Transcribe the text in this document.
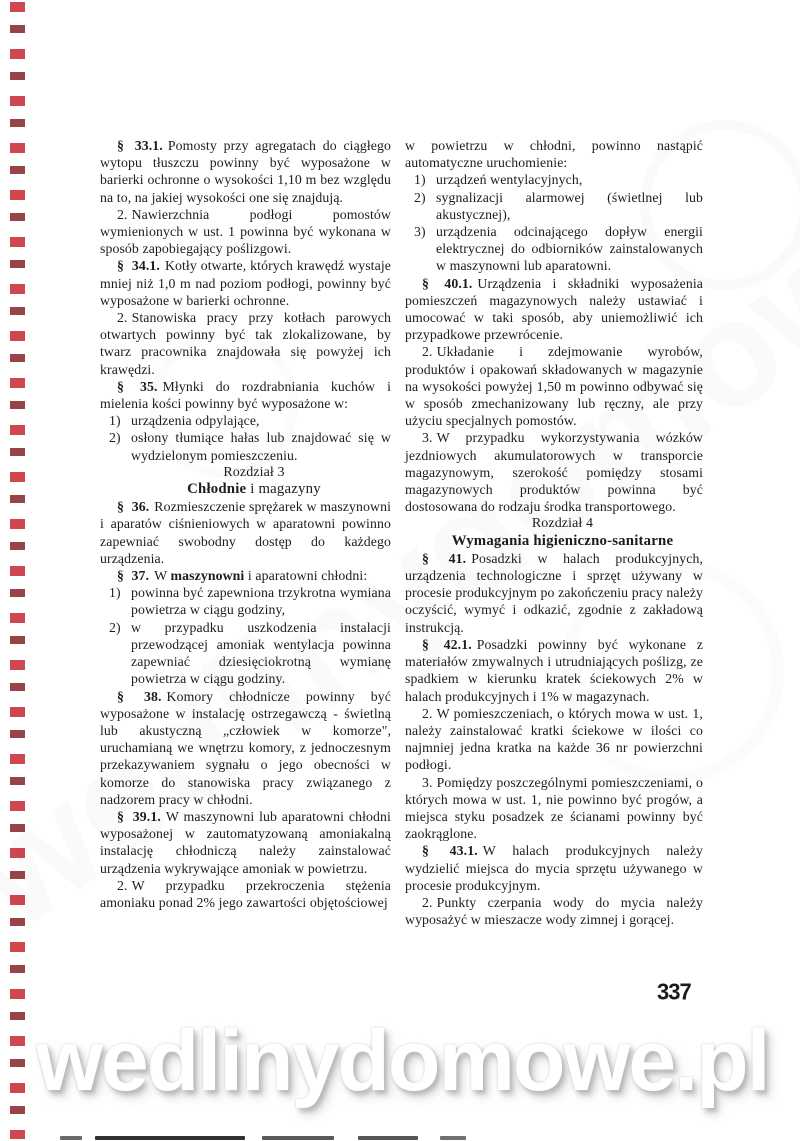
§ 33.1. Pomosty przy agregatach do ciągłego wytopu tłuszczu powinny być wyposażone w barierki ochronne o wysokości 1,10 m bez względu na to, na jakiej wysokości one się znajdują.

2. Nawierzchnia podłogi pomostów wymienionych w ust. 1 powinna być wykonana w sposób zapobiegający poślizgowi.

§ 34.1. Kotły otwarte, których krawędź wystaje mniej niż 1,0 m nad poziom podłogi, powinny być wyposażone w barierki ochronne.

2. Stanowiska pracy przy kotłach parowych otwartych powinny być tak zlokalizowane, by twarz pracownika znajdowała się powyżej ich krawędzi.

§ 35. Młynki do rozdrabniania kuchów i mielenia kości powinny być wyposażone w:

1) urządzenia odpylające,
2) osłony tłumiące hałas lub znajdować się w wydzielonym pomieszczeniu.

Rozdział 3

Chłodnie i magazyny

§ 36. Rozmieszczenie sprężarek w maszynowni i aparatów ciśnieniowych w aparatowni powinno zapewniać swobodny dostęp do każdego urządzenia.

§ 37. W maszynowni i aparatowni chłodni:

1) powinna być zapewniona trzykrotna wymiana powietrza w ciągu godziny,
2) w przypadku uszkodzenia instalacji przewodzącej amoniak wentylacja powinna zapewniać dziesięciokrotną wymianę powietrza w ciągu godziny.

§ 38. Komory chłodnicze powinny być wyposażone w instalację ostrzegawczą - świetlną lub akustyczną „człowiek w komorze", uruchamianą we wnętrzu komory, z jednoczesnym przekazywaniem sygnału o jego obecności w komorze do stanowiska pracy związanego z nadzorem pracy w chłodni.

§ 39.1. W maszynowni lub aparatowni chłodni wyposażonej w zautomatyzowaną amoniakalną instalację chłodniczą należy zainstalować urządzenia wykrywające amoniak w powietrzu.

2. W przypadku przekroczenia stężenia amoniaku ponad 2% jego zawartości objętościowej

w powietrzu w chłodni, powinno nastąpić automatyczne uruchomienie:

1) urządzeń wentylacyjnych,
2) sygnalizacji alarmowej (świetlnej lub akustycznej),
3) urządzenia odcinającego dopływ energii elektrycznej do odbiorników zainstalowanych w maszynowni lub aparatowni.

§ 40.1. Urządzenia i składniki wyposażenia pomieszczeń magazynowych należy ustawiać i umocować w taki sposób, aby uniemożliwić ich przypadkowe przewrócenie.

2. Układanie i zdejmowanie wyrobów, produktów i opakowań składowanych w magazynie na wysokości powyżej 1,50 m powinno odbywać się w sposób zmechanizowany lub ręczny, ale przy użyciu specjalnych pomostów.

3. W przypadku wykorzystywania wózków jezdniowych akumulatorowych w transporcie magazynowym, szerokość pomiędzy stosami magazynowych produktów powinna być dostosowana do rodzaju środka transportowego.

Rozdział 4

Wymagania higieniczno-sanitarne

§ 41. Posadzki w halach produkcyjnych, urządzenia technologiczne i sprzęt używany w procesie produkcyjnym po zakończeniu pracy należy oczyścić, wymyć i odkazić, zgodnie z zakładową instrukcją.

§ 42.1. Posadzki powinny być wykonane z materiałów zmywalnych i utrudniających poślizg, ze spadkiem w kierunku kratek ściekowych 2% w halach produkcyjnych i 1% w magazynach.

2. W pomieszczeniach, o których mowa w ust. 1, należy zainstalować kratki ściekowe w ilości co najmniej jedna kratka na każde 36 nr powierzchni podłogi.

3. Pomiędzy poszczególnymi pomieszczeniami, o których mowa w ust. 1, nie powinno być progów, a miejsca styku posadzek ze ścianami powinny być zaokrąglone.

§ 43.1. W halach produkcyjnych należy wydzielić miejsca do mycia sprzętu używanego w procesie produkcyjnym.

2. Punkty czerpania wody do mycia należy wyposażyć w mieszacze wody zimnej i gorącej.

337
wedlinydomowe.pl
